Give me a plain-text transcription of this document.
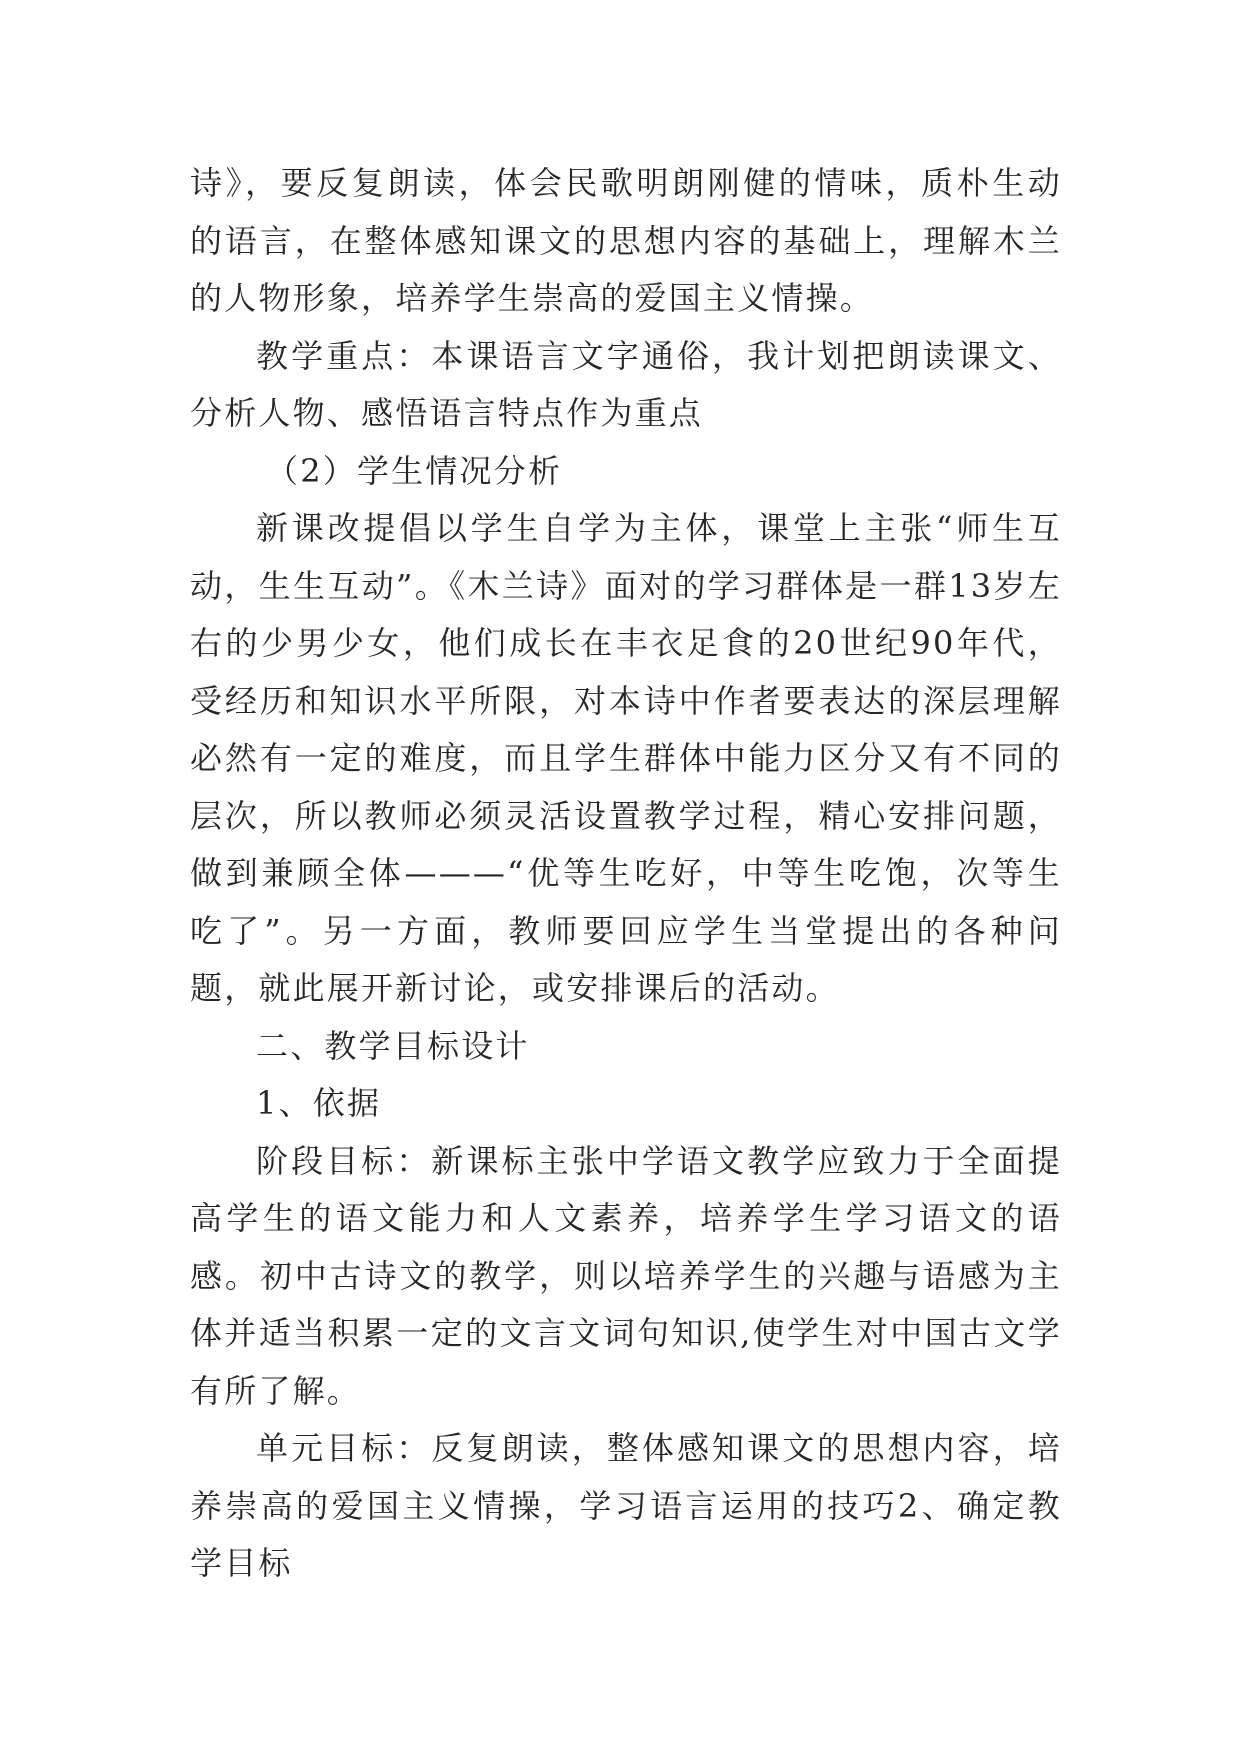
诗》，要反复朗读，体会民歌明朗刚健的情味，质朴生动的语言，在整体感知课文的思想内容的基础上，理解木兰的人物形象，培养学生崇高的爱国主义情操。

教学重点：本课语言文字通俗，我计划把朗读课文、分析人物、感悟语言特点作为重点

（2）学生情况分析

新课改提倡以学生自学为主体，课堂上主张“师生互动，生生互动”。《木兰诗》面对的学习群体是一群13岁左右的少男少女，他们成长在丰衣足食的20世纪90年代，受经历和知识水平所限，对本诗中作者要表达的深层理解必然有一定的难度，而且学生群体中能力区分又有不同的层次，所以教师必须灵活设置教学过程，精心安排问题，做到兼顾全体———“优等生吃好，中等生吃饱，次等生吃了”。另一方面，教师要回应学生当堂提出的各种问题，就此展开新讨论，或安排课后的活动。

二、教学目标设计

1、依据

阶段目标：新课标主张中学语文教学应致力于全面提高学生的语文能力和人文素养，培养学生学习语文的语感。初中古诗文的教学，则以培养学生的兴趣与语感为主体并适当积累一定的文言文词句知识,使学生对中国古文学有所了解。

单元目标：反复朗读，整体感知课文的思想内容，培养崇高的爱国主义情操，学习语言运用的技巧2、确定教学目标
